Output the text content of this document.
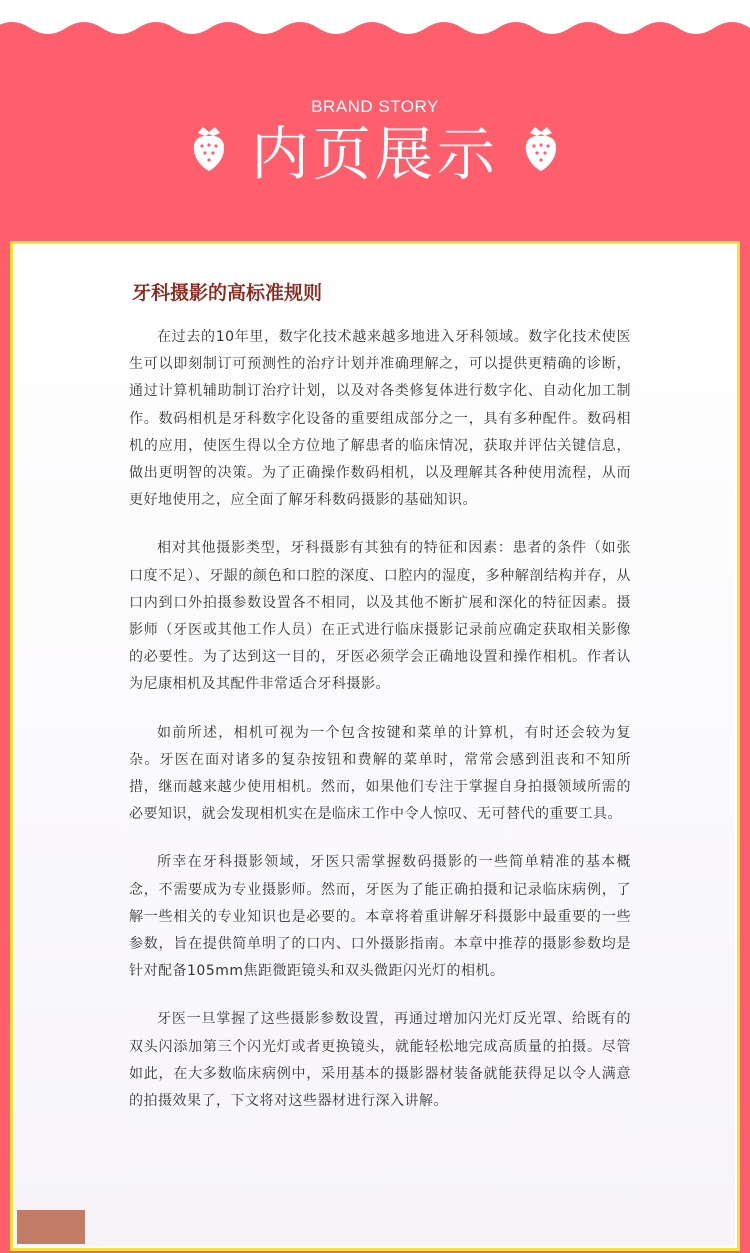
BRAND STORY
内页展示
牙科摄影的高标准规则

在过去的10年里，数字化技术越来越多地进入牙科领域。数字化技术使医生可以即刻制订可预测性的治疗计划并准确理解之，可以提供更精确的诊断，通过计算机辅助制订治疗计划，以及对各类修复体进行数字化、自动化加工制作。数码相机是牙科数字化设备的重要组成部分之一，具有多种配件。数码相机的应用，使医生得以全方位地了解患者的临床情况，获取并评估关键信息，做出更明智的决策。为了正确操作数码相机，以及理解其各种使用流程，从而更好地使用之，应全面了解牙科数码摄影的基础知识。

相对其他摄影类型，牙科摄影有其独有的特征和因素：患者的条件（如张口度不足）、牙龈的颜色和口腔的深度、口腔内的湿度，多种解剖结构并存，从口内到口外拍摄参数设置各不相同，以及其他不断扩展和深化的特征因素。摄影师（牙医或其他工作人员）在正式进行临床摄影记录前应确定获取相关影像的必要性。为了达到这一目的，牙医必须学会正确地设置和操作相机。作者认为尼康相机及其配件非常适合牙科摄影。

如前所述，相机可视为一个包含按键和菜单的计算机，有时还会较为复杂。牙医在面对诸多的复杂按钮和费解的菜单时，常常会感到沮丧和不知所措，继而越来越少使用相机。然而，如果他们专注于掌握自身拍摄领域所需的必要知识，就会发现相机实在是临床工作中令人惊叹、无可替代的重要工具。

所幸在牙科摄影领域，牙医只需掌握数码摄影的一些简单精准的基本概念，不需要成为专业摄影师。然而，牙医为了能正确拍摄和记录临床病例，了解一些相关的专业知识也是必要的。本章将着重讲解牙科摄影中最重要的一些参数，旨在提供简单明了的口内、口外摄影指南。本章中推荐的摄影参数均是针对配备105mm焦距微距镜头和双头微距闪光灯的相机。

牙医一旦掌握了这些摄影参数设置，再通过增加闪光灯反光罩、给既有的双头闪添加第三个闪光灯或者更换镜头，就能轻松地完成高质量的拍摄。尽管如此，在大多数临床病例中，采用基本的摄影器材装备就能获得足以令人满意的拍摄效果了，下文将对这些器材进行深入讲解。
